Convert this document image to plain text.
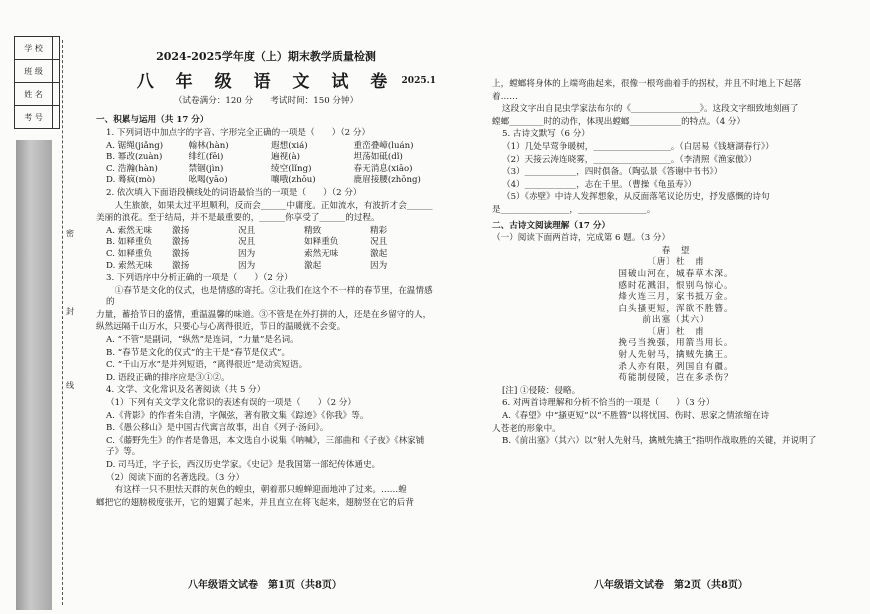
学 校	
班 级	
姓 名	
考 号	
密
封
线
2024-2025学年度（上）期末教学质量检测
八 年 级 语 文 试 卷 2025.1
（试卷满分：120 分　　考试时间：150 分钟）
一、积累与运用（共 17 分）
1. 下列词语中加点字的字音、字形完全正确的一项是（　　）（2 分）
A. 锯绳(jiǎng)	翰林(hàn)	遐想(xiá)	重峦叠嶂(luán)
B. 幂改(zuàn)	绯红(fēi)	遍视(à)	坦荡如砥(dǐ)
C. 浩瀚(hàn)	禁锢(jìn)	绫空(lǐng)	春无消息(xiāo)
D. 蓦疯(mò)	吆喝(yāo)	嚷哦(zhōu)	鹿眉接腰(zhōng)
2. 依次填入下面语段横线处的词语最恰当的一项是（　　）（2 分）
　人生旅旅，如果太过平坦顺利，反而会______中庸度。正如流水，有波折才会______
美丽的浪花。至于结局，并不是最重要的，______你享受了______的过程。
A. 索然无味	激扬	况且	精致	精彩
B. 如释重负	激扬	况且	如释重负	况且
C. 如释重负	激扬	因为	索然无味	激起
D. 索然无味	激扬	因为	激起	因为
3. 下列语序中分析正确的一项是（　　）（2 分）
　①春节是文化的仪式，也是情感的寄托。②让我们在这个不一样的春节里，在温情感的
力量，蓄拾节日的盛情，重温温馨的味道。③不管是在外打拼的人，还是在乡留守的人，
纵然远隔千山万水，只要心与心离得很近，节日的温暖就不会变。
A. “不管”是副词，“纵然”是连词，“力量”是名词。
B. “春节是文化的仪式”的主干是“春节是仪式”。
C. “千山万水”是并列短语，“离得很近”是动宾短语。
D. 语段正确的排序应是③①②。
4. 文学、文化常识及名著阅读（共 5 分）
（1）下列有关文学文化常识的表述有误的一项是（　　）（2 分）
A.《背影》的作者朱自清，字佩弦，著有散文集《踪迹》《你我》等。
B.《愚公移山》是中国古代寓言故事，出自《列子·汤问》。
C.《藤野先生》的作者是鲁迅，本文选自小说集《呐喊》，三部曲和《子夜》《林家铺子》等。
D. 司马迁，字子长，西汉历史学家。《史记》是我国第一部纪传体通史。
（2）阅读下面的名著选段。（3 分）
　有这样一只不胆怯天群的灰色的蝗虫，朝着那只蝗蝉迎面地冲了过来。……蝗
螂把它的翅膀极度张开，它的翅翼了起来，并且直立在将飞起来，翅膀竖在它的后背
上，螳螂将身体的上端弯曲起来，很像一根弯曲着手的拐杖，并且不时地上下起落
着……
这段文字出自昆虫学家法布尔的《________________》。这段文字细致地刻画了
螳螂________时的动作，体现出螳螂____________的特点。（4 分）
5. 古诗文默写（6 分）
（1）几处早莺争暖树，__________________。（白居易《钱塘湖春行》）
（2）天接云涛连晓雾，__________________。（李清照《渔家傲》）
（3）____________，四时俱备。（陶弘景《答谢中书书》）
（4）____________，志在千里。（曹操《龟虽寿》）
（5）《赤壁》中诗人发挥想象，从反面落笔议论历史，抒发感慨的诗句
是________________，________________。
二、古诗文阅读理解（17 分）
（一）阅读下面两首诗，完成第 6 题。（3 分）
春　望
〔唐〕杜　甫
国破山河在，城春草木深。
感时花溅泪，恨别鸟惊心。
烽火连三月，家书抵万金。
白头搔更短，浑欲不胜簪。
前出塞（其六）
〔唐〕杜　甫
挽弓当挽强，用箭当用长。
射人先射马，擒贼先擒王。
杀人亦有限，列国自有疆。
苟能制侵陵，岂在多杀伤？
[注] ①侵陵：侵略。
6. 对两首诗理解和分析不恰当的一项是（　　）（3 分）
A.《春望》中“搔更短”以“不胜簪”以将忧国、伤时、思家之情浓缩在诗
人苍老的形象中。
B.《前出塞》（其六）以“射人先射马，擒贼先擒王”指明作战取胜的关键，并说明了
八年级语文试卷　第1页（共8页）	八年级语文试卷　第2页（共8页）
